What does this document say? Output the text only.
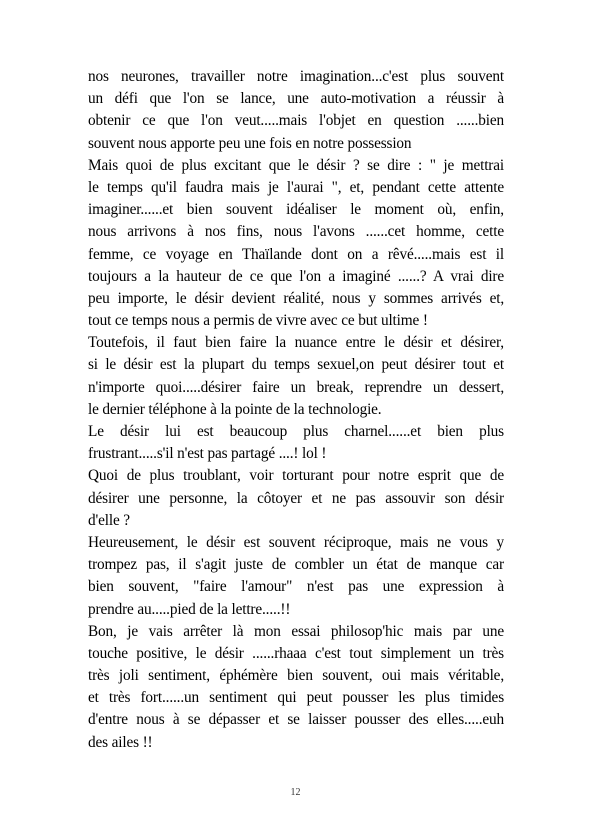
nos neurones, travailler notre imagination...c'est plus souvent
un défi que l'on se lance, une auto-motivation a réussir à
obtenir ce que l'on veut.....mais l'objet en question ......bien
souvent nous apporte peu une fois en notre possession
Mais quoi de plus excitant que le désir ? se dire : " je mettrai
le temps qu'il faudra mais je l'aurai ", et, pendant cette attente
imaginer......et bien souvent idéaliser le moment où, enfin,
nous arrivons à nos fins, nous l'avons ......cet homme, cette
femme, ce voyage en Thaïlande dont on a rêvé.....mais est il
toujours a la hauteur de ce que l'on a imaginé ......? A vrai dire
peu importe, le désir devient réalité, nous y sommes arrivés et,
tout ce temps nous a permis de vivre avec ce but ultime !
Toutefois, il faut bien faire la nuance entre le désir et désirer,
si le désir est la plupart du temps sexuel,on peut désirer tout et
n'importe quoi.....désirer faire un break, reprendre un dessert,
le dernier téléphone à la pointe de la technologie.
Le désir lui est beaucoup plus charnel......et bien plus
frustrant.....s'il n'est pas partagé ....! lol !
Quoi de plus troublant, voir torturant pour notre esprit que de
désirer une personne, la côtoyer et ne pas assouvir son désir
d'elle ?
Heureusement, le désir est souvent réciproque, mais ne vous y
trompez pas, il s'agit juste de combler un état de manque car
bien souvent, "faire l'amour" n'est pas une expression à
prendre au.....pied de la lettre.....!!
Bon, je vais arrêter là mon essai philosop'hic mais par une
touche positive, le désir ......rhaaa c'est tout simplement un très
très joli sentiment, éphémère bien souvent, oui mais véritable,
et très fort......un sentiment qui peut pousser les plus timides
d'entre nous à se dépasser et se laisser pousser des elles.....euh
des ailes !!
12
